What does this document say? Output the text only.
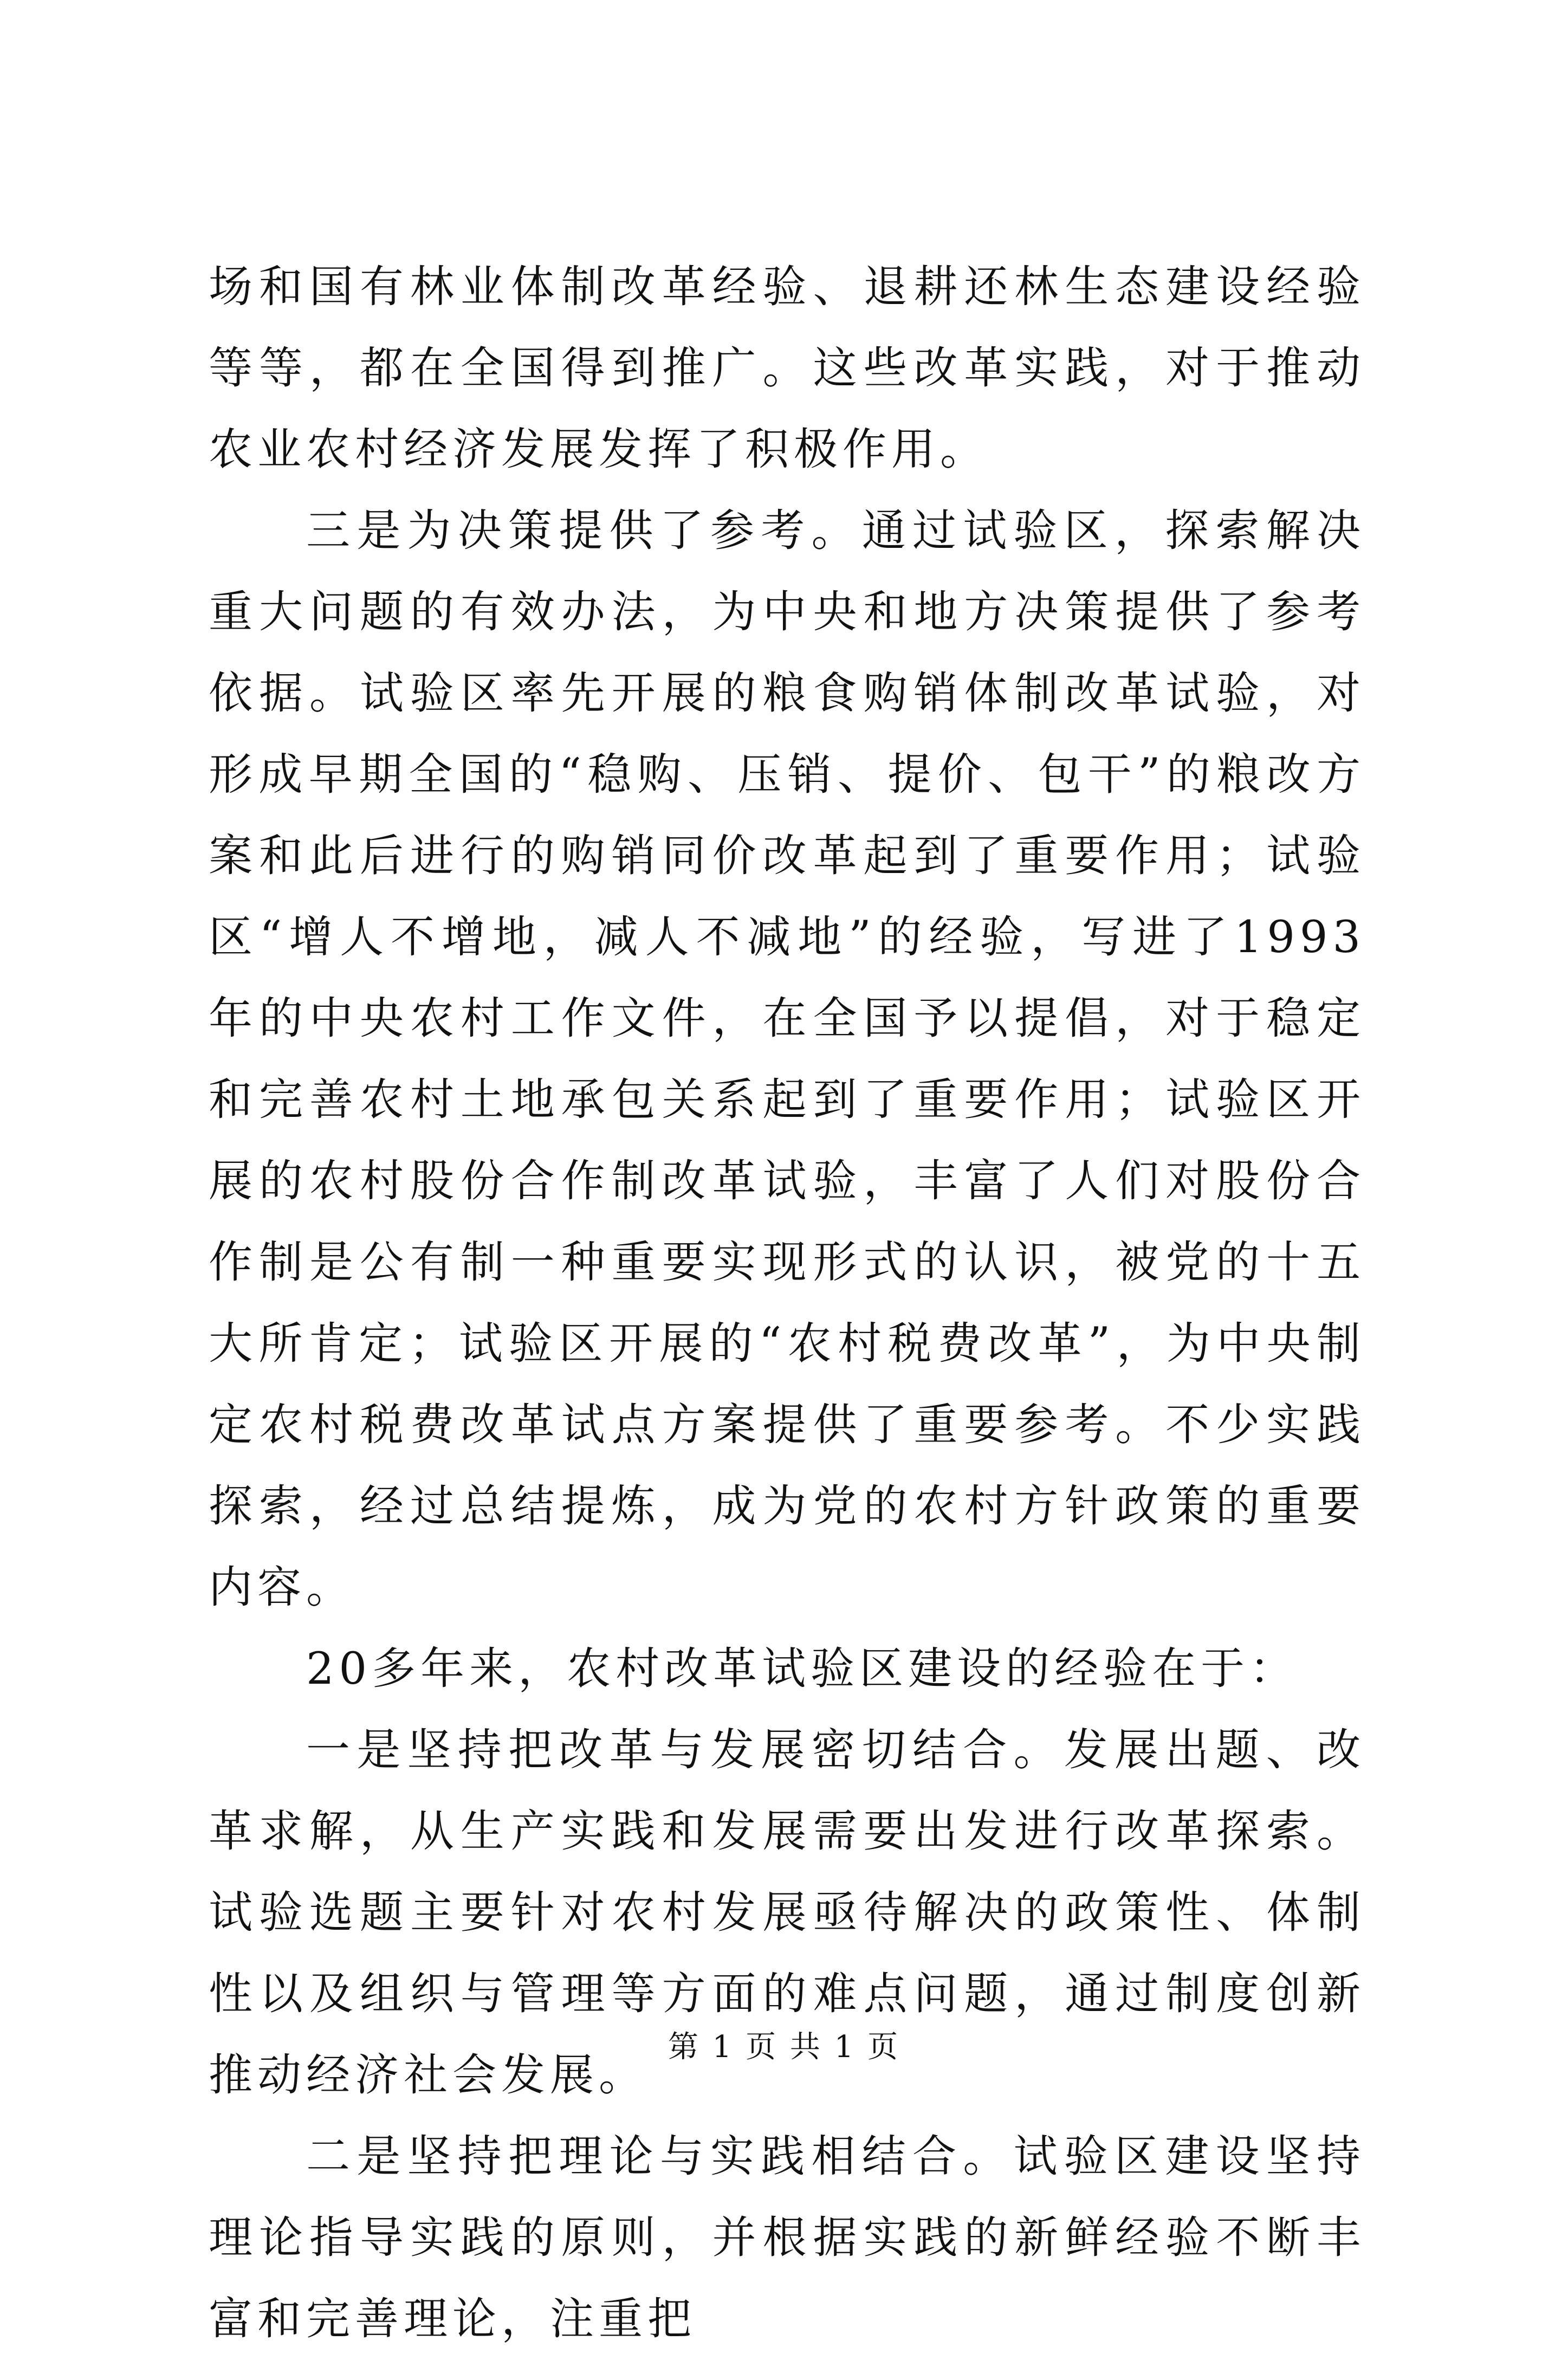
场和国有林业体制改革经验、退耕还林生态建设经验等等，都在全国得到推广。这些改革实践，对于推动农业农村经济发展发挥了积极作用。

三是为决策提供了参考。通过试验区，探索解决重大问题的有效办法，为中央和地方决策提供了参考依据。试验区率先开展的粮食购销体制改革试验，对形成早期全国的“稳购、压销、提价、包干”的粮改方案和此后进行的购销同价改革起到了重要作用；试验区“增人不增地，减人不减地”的经验，写进了1993年的中央农村工作文件，在全国予以提倡，对于稳定和完善农村土地承包关系起到了重要作用；试验区开展的农村股份合作制改革试验，丰富了人们对股份合作制是公有制一种重要实现形式的认识，被党的十五大所肯定；试验区开展的“农村税费改革”，为中央制定农村税费改革试点方案提供了重要参考。不少实践探索，经过总结提炼，成为党的农村方针政策的重要内容。

20多年来，农村改革试验区建设的经验在于：

一是坚持把改革与发展密切结合。发展出题、改革求解，从生产实践和发展需要出发进行改革探索。试验选题主要针对农村发展亟待解决的政策性、体制性以及组织与管理等方面的难点问题，通过制度创新推动经济社会发展。

二是坚持把理论与实践相结合。试验区建设坚持理论指导实践的原则，并根据实践的新鲜经验不断丰富和完善理论，注重把

第 1 页 共 1 页
